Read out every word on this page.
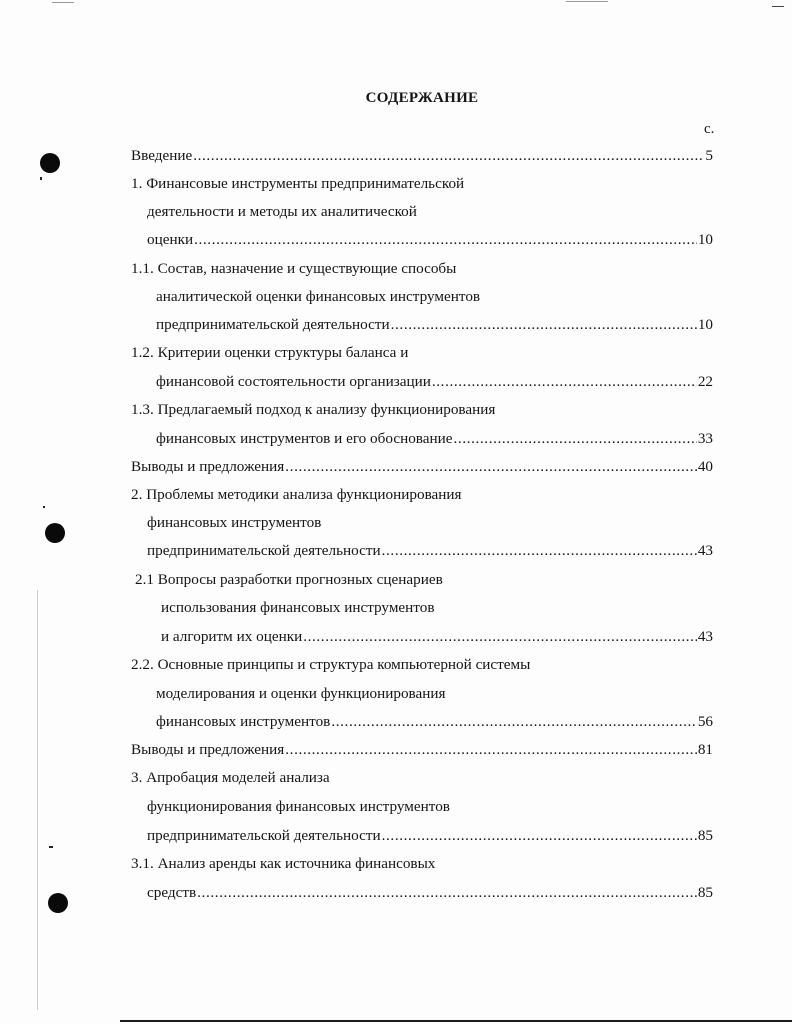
СОДЕРЖАНИЕ
с.
Введение .....	5
1. Финансовые инструменты предпринимательской
деятельности и методы их аналитической
оценки .....	10
1.1. Состав, назначение и существующие способы
аналитической оценки финансовых инструментов
предпринимательской деятельности .....	10
1.2. Критерии оценки структуры баланса и
финансовой состоятельности организации .....	22
1.3. Предлагаемый подход к анализу функционирования
финансовых инструментов и его обоснование .....	33
Выводы и предложения .....	40
2. Проблемы методики анализа функционирования
финансовых инструментов
предпринимательской деятельности .....	43
2.1 Вопросы разработки прогнозных сценариев
использования финансовых инструментов
и алгоритм их оценки .....	43
2.2. Основные принципы и структура компьютерной системы
моделирования и оценки функционирования
финансовых инструментов .....	56
Выводы и предложения .....	81
3. Апробация моделей анализа
функционирования финансовых инструментов
предпринимательской деятельности .....	85
3.1. Анализ аренды как источника финансовых
средств .....	85
